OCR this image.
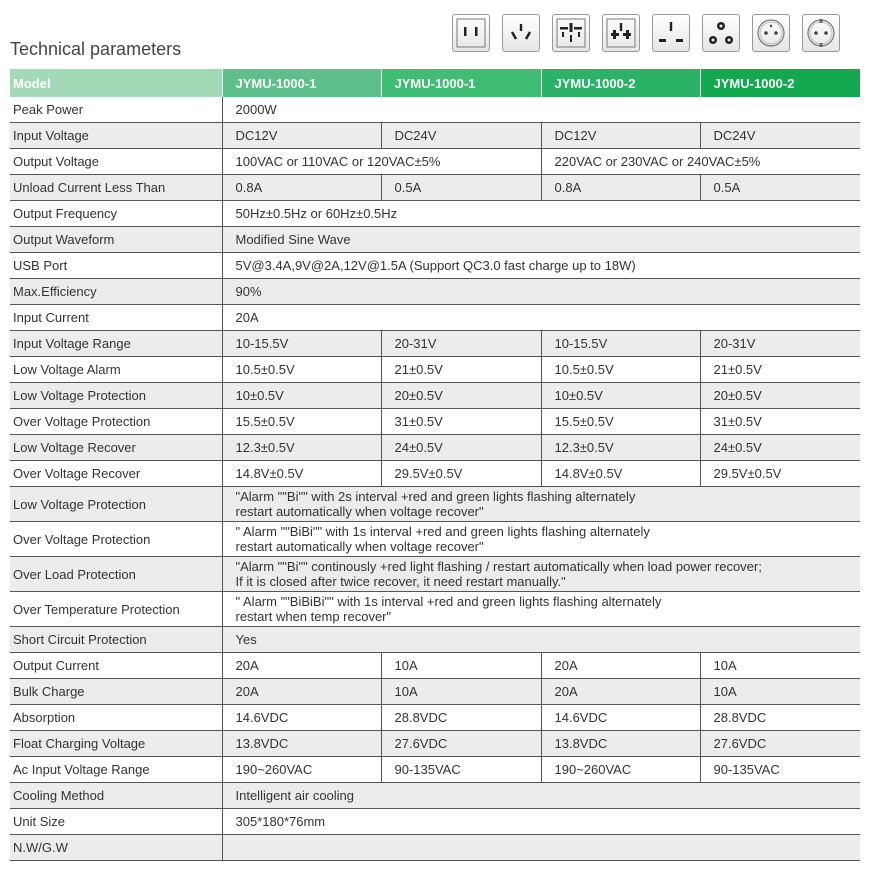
Technical parameters
Model	JYMU-1000-1	JYMU-1000-1	JYMU-1000-2	JYMU-1000-2
Peak Power	2000W			
Input Voltage	DC12V	DC24V	DC12V	DC24V
Output Voltage	100VAC or 110VAC or 120VAC±5%		220VAC or 230VAC or 240VAC±5%	
Unload Current Less Than	0.8A	0.5A	0.8A	0.5A
Output Frequency	50Hz±0.5Hz or 60Hz±0.5Hz			
Output Waveform	Modified Sine Wave			
USB Port	5V@3.4A,9V@2A,12V@1.5A (Support QC3.0 fast charge up to 18W)			
Max.Efficiency	90%			
Input Current	20A			
Input Voltage Range	10-15.5V	20-31V	10-15.5V	20-31V
Low Voltage Alarm	10.5±0.5V	21±0.5V	10.5±0.5V	21±0.5V
Low Voltage Protection	10±0.5V	20±0.5V	10±0.5V	20±0.5V
Over Voltage Protection	15.5±0.5V	31±0.5V	15.5±0.5V	31±0.5V
Low Voltage Recover	12.3±0.5V	24±0.5V	12.3±0.5V	24±0.5V
Over Voltage Recover	14.8V±0.5V	29.5V±0.5V	14.8V±0.5V	29.5V±0.5V
Low Voltage Protection	"Alarm ""Bi"" with 2s interval +red and green lights flashing alternately
restart automatically when voltage recover"			

Over Voltage Protection	" Alarm ""BiBi"" with 1s interval +red and green lights flashing alternately
restart automatically when voltage recover"			

Over Load Protection	"Alarm ""Bi"" continously +red light flashing / restart automatically when load power recover;
If it is closed after twice recover, it need restart manually."			

Over Temperature Protection	" Alarm ""BiBiBi"" with 1s interval +red and green lights flashing alternately
restart when temp recover"			

Short Circuit Protection	Yes			
Output Current	20A	10A	20A	10A
Bulk Charge	20A	10A	20A	10A
Absorption	14.6VDC	28.8VDC	14.6VDC	28.8VDC
Float Charging Voltage	13.8VDC	27.6VDC	13.8VDC	27.6VDC
Ac Input Voltage Range	190~260VAC	90-135VAC	190~260VAC	90-135VAC
Cooling Method	Intelligent air cooling			
Unit Size	305*180*76mm			
N.W/G.W				
